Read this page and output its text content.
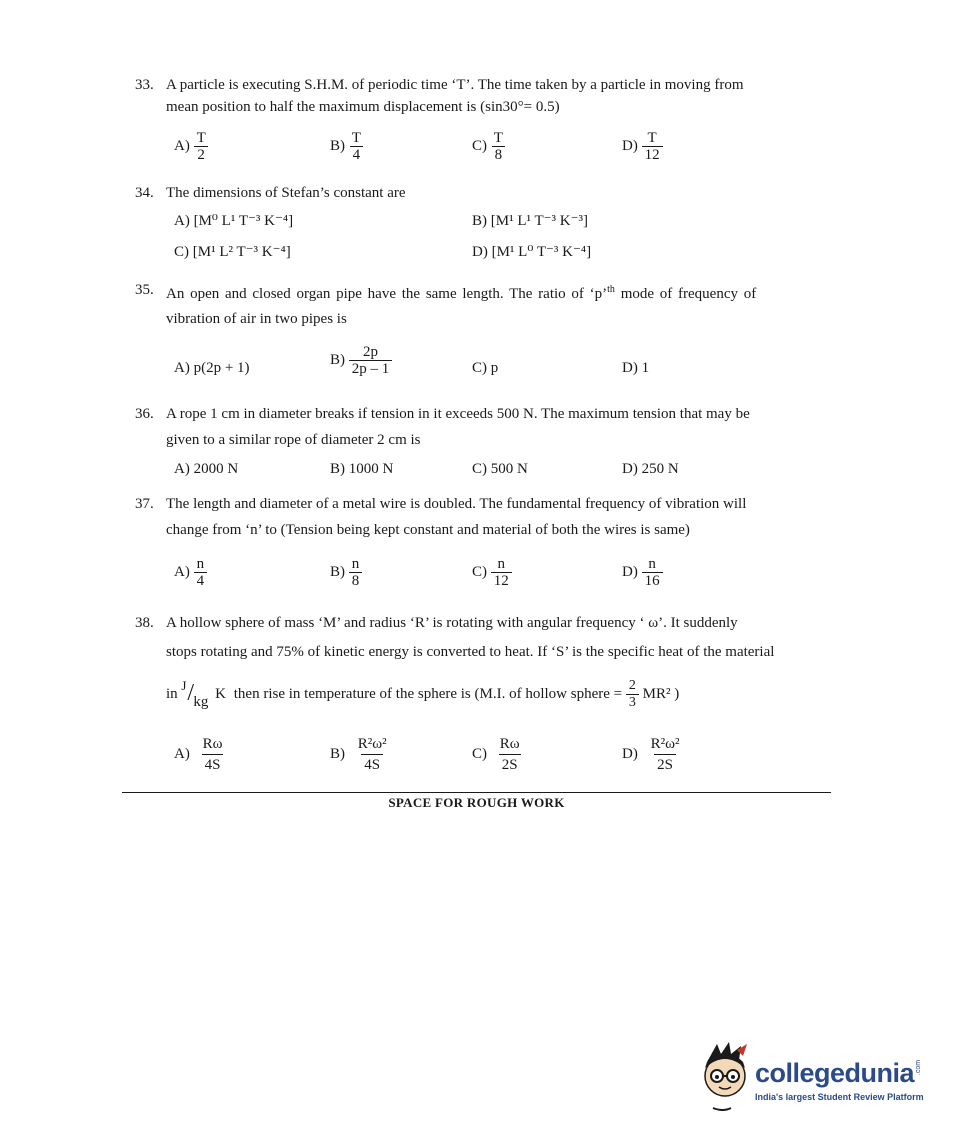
33. A particle is executing S.H.M. of periodic time ‘T’. The time taken by a particle in moving from
mean position to half the maximum displacement is (sin30°= 0.5)
$A) \frac{T}{2}$	$B) \frac{T}{4}$	$C) \frac{T}{8}$	$D) \frac{T}{12}$
34. The dimensions of Stefan’s constant are
A) [M⁰ L¹ T⁻³ K⁻⁴]	B) [M¹ L¹ T⁻³ K⁻³]
C) [M¹ L² T⁻³ K⁻⁴]	D) [M¹ L⁰ T⁻³ K⁻⁴]
35. An open and closed organ pipe have the same length. The ratio of ‘p’$^{th}$ mode of frequency of
vibration of air in two pipes is
A) p(2p + 1)	$B) \frac{2p}{2p - 1}$	C) p	D) 1
36. A rope 1 cm in diameter breaks if tension in it exceeds 500 N. The maximum tension that may be
given to a similar rope of diameter 2 cm is
A) 2000 N	B) 1000 N	C) 500 N	D) 250 N
37. The length and diameter of a metal wire is doubled. The fundamental frequency of vibration will
change from ‘n’ to (Tension being kept constant and material of both the wires is same)
$A) \frac{n}{4}$	$B) \frac{n}{8}$	$C) \frac{n}{12}$	$D) \frac{n}{16}$
38. A hollow sphere of mass ‘M’ and radius ‘R’ is rotating with angular frequency ‘ ω’. It suddenly
stops rotating and 75% of kinetic energy is converted to heat. If ‘S’ is the specific heat of the material
in
J / kg K then rise in temperature of the sphere is (M.I. of hollow sphere = $\frac{2}{3} MR^2$ )
$A) \frac{R\omega}{4S}$	$B) \frac{\text{R²ω²}}{4S}$	$C) \frac{R\omega}{2S}$	$D) \frac{\text{R²ω²}}{2S}$
SPACE FOR ROUGH WORK
collegedunia .com
India's largest Student Review Platform
